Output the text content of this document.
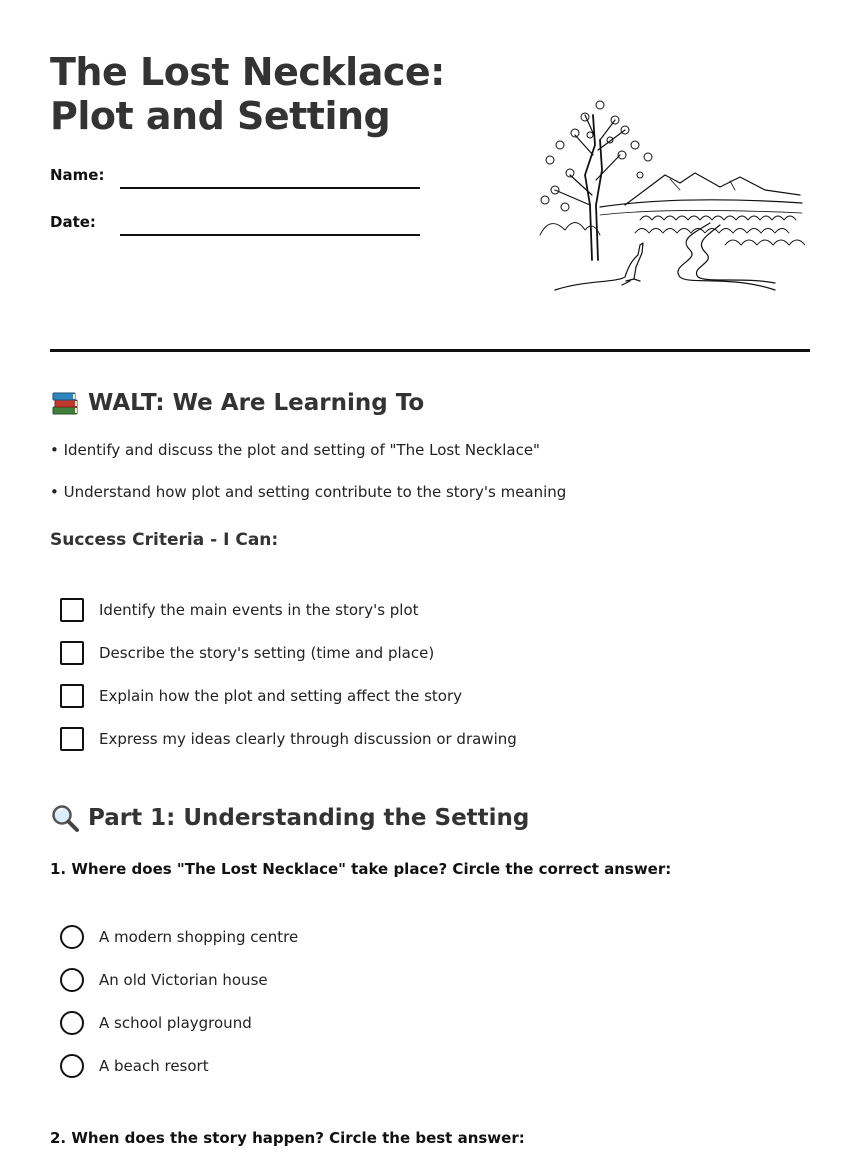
The Lost Necklace: Plot and Setting
Name:
Date:
WALT: We Are Learning To
• Identify and discuss the plot and setting of "The Lost Necklace"
• Understand how plot and setting contribute to the story's meaning
Success Criteria - I Can:
Identify the main events in the story's plot
Describe the story's setting (time and place)
Explain how the plot and setting affect the story
Express my ideas clearly through discussion or drawing
Part 1: Understanding the Setting
1. Where does "The Lost Necklace" take place? Circle the correct answer:
A modern shopping centre
An old Victorian house
A school playground
A beach resort
2. When does the story happen? Circle the best answer:
